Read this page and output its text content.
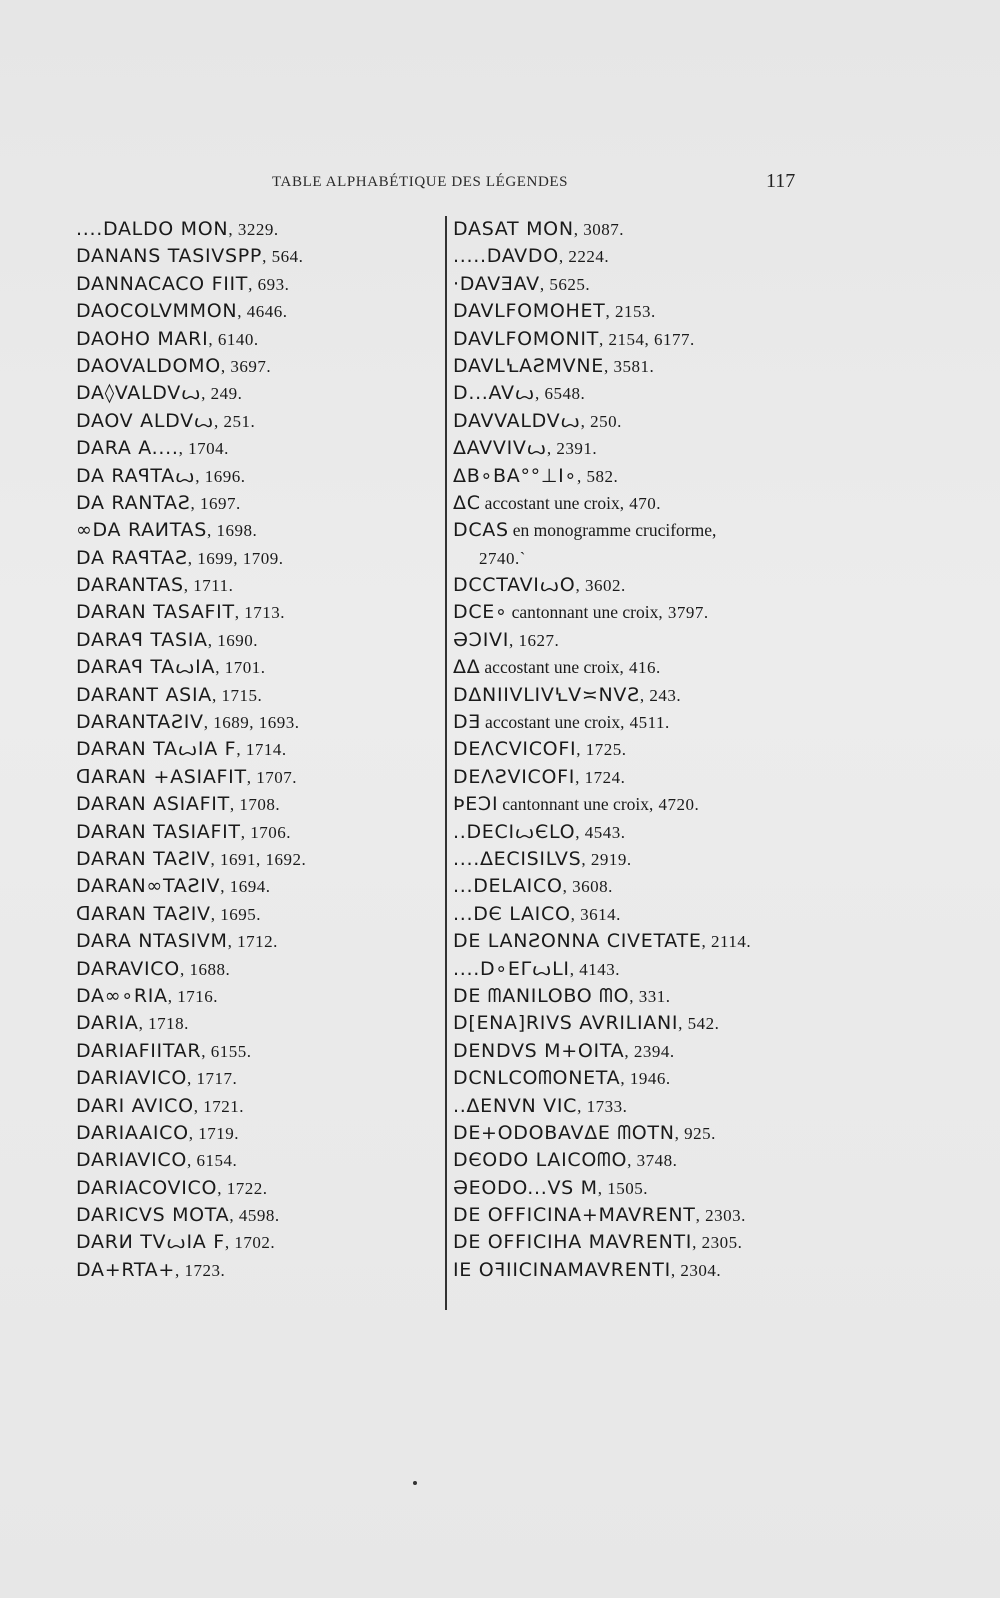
TABLE ALPHABÉTIQUE DES LÉGENDES	117
....DALDO MON, 3229.
DANANS TASIVSPP, 564.
DANNACACO FIIT, 693.
DAOCOLVMMON, 4646.
DAOHO MARI, 6140.
DAOVALDOMO, 3697.
DA◊VALDVꙍ, 249.
DAOV ALDVꙍ, 251.
DARA A...., 1704.
DA RAꟼTAꙍ, 1696.
DA RANTAƧ, 1697.
∞DA RAИTAS, 1698.
DA RAꟼTAƧ, 1699, 1709.
DARANTAS, 1711.
DARAN TASAFIT, 1713.
DARAꟼ TASIA, 1690.
DARAꟼ TAꙍIA, 1701.
DARANT ASIA, 1715.
DARANTAƧIV, 1689, 1693.
DARAN TAꙍIA F, 1714.
ᗡARAN +ASIAFIT, 1707.
DARAN ASIAFIT, 1708.
DARAN TASIAFIT, 1706.
DARAN TAƧIV, 1691, 1692.
DARAN∞TAƧIV, 1694.
ᗡARAN TAƧIV, 1695.
DARA NTASIVM, 1712.
DARAVICO, 1688.
DA∞∘RIA, 1716.
DARIA, 1718.
DARIAFIITAR, 6155.
DARIAVICO, 1717.
DARI AVICO, 1721.
DARIAAIⅭO, 1719.
DARIAVICO, 6154.
DARIACOVICO, 1722.
DARICVS MOTA, 4598.
DARИ TVꙍIA F, 1702.
DA+RTA+, 1723.
DASAT MON, 3087.
.....DAVDO, 2224.
·DAVƎAV, 5625.
DAVLFOMOHET, 2153.
DAVLFOMONIT, 2154, 6177.
DAVLꝆAƧMVNE, 3581.
D...AVꙍ, 6548.
DAVVALDVꙍ, 250.
ΔAVVIVꙍ, 2391.
ΔB∘BA°°⊥I∘, 582.
ΔC accostant une croix, 470.
DCAS en monogramme cruciforme,
2740.`
DCCTAVIꙍO, 3602.
DⅭE∘ cantonnant une croix, 3797.
ƏƆIVI, 1627.
ΔΔ accostant une croix, 416.
DΔNIIVLIVꝆV≍NVƧ, 243.
DƎ accostant une croix, 4511.
DEΛCVIⅭOFI, 1725.
DEΛƧVICOFI, 1724.
ÞEƆI cantonnant une croix, 4720.
..DEⅭIꙍЄLO, 4543.
....ΔECISILVS, 2919.
...DELAICO, 3608.
...DЄ LAICO, 3614.
DE LANƧONNA CIVETATE, 2114.
....D∘EΓꙍLI, 4143.
DE ᗰANILOBO ᗰO, 331.
D[ENA]RIVS AVRILIANI, 542.
DENDVS M+OITA, 2394.
DⅭNLCOᗰONETA, 1946.
..ΔENVN VIC, 1733.
DE+ODOBAVΔE ᗰOTN, 925.
DЄODO LAICOᗰO, 3748.
ƏEODO...VS M, 1505.
DE OFFICINA+MAVRENT, 2303.
DE OFFICIHA MAVRENTI, 2305.
IE OꟻIICINAMAVRENTI, 2304.
